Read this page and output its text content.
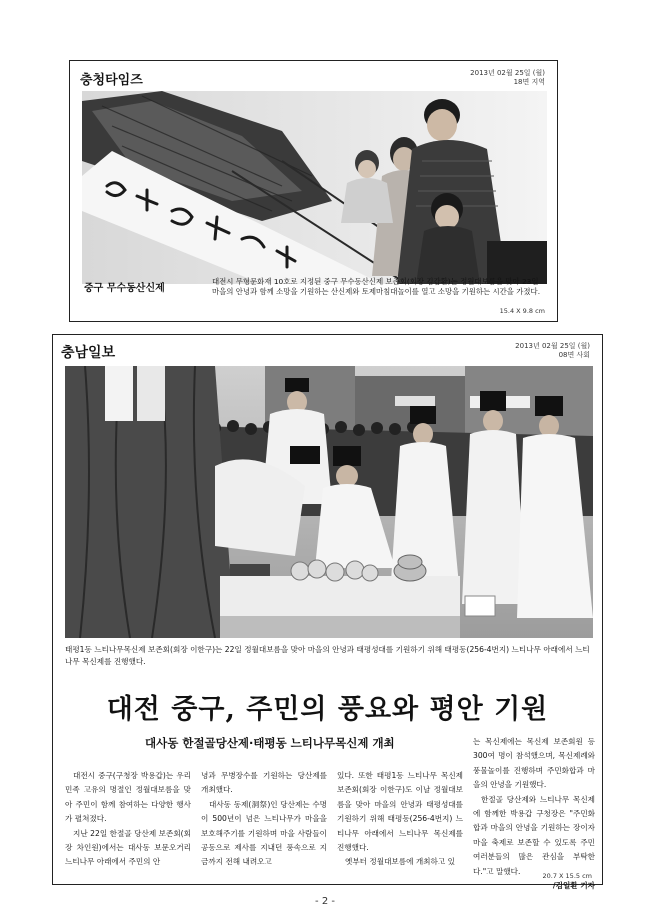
충청타임즈	2013년 02월 25일 (월)
18면 지역
중구 무수동산신제
대전시 무형문화재 10호로 지정된 중구 무수동산신제 보존회(회장 김갑환)는 정월대보름을 맞아 23일 마을의 안녕과 함께 소망을 기원하는 산신제와 토제마침대놀이를 열고 소망을 기원하는 시간을 가졌다.
15.4 X 9.8 cm
충남일보	2013년 02월 25일 (월)
08면 사회
태평1동 느티나무목신제 보존회(회장 이한구)는 22일 정월대보름을 맞아 마을의 안녕과 태평성대를 기원하기 위해 태평동(256-4번지) 느티나무 아래에서 느티나무 목신제를 진행했다.
대전 중구, 주민의 풍요와 평안 기원
대사동 한절골당산제·태평동 느티나무목신제 개최

대전시 중구(구청장 박용갑)는 우리 민족 고유의 명절인 정월대보름을 맞아 주민이 함께 참여하는 다양한 행사가 펼쳐졌다.

지난 22일 한절골 당산제 보존회(회장 차인원)에서는 대사동 보문오거리 느티나무 아래에서 주민의 안

녕과 무병장수를 기원하는 당산제를 개최했다.

대사동 동제(洞祭)인 당산제는 수명이 500년이 넘은 느티나무가 마을을 보호해주기를 기원하며 마을 사람들이 공동으로 제사를 지내던 풍속으로 지금까지 전해 내려오고

있다. 또한 태평1동 느티나무 목신제 보존회(회장 이한구)도 이날 정월대보름을 맞아 마을의 안녕과 태평성대를 기원하기 위해 태평동(256-4번지) 느티나무 아래에서 느티나무 목신제를 진행했다.

옛부터 정월대보름에 개최하고 있

는 목신제에는 목신제 보존회원 등 300여 명이 참석했으며, 목신제례와 풍물놀이를 진행하며 주민화합과 마을의 안녕을 기원했다.

한절골 당산제와 느티나무 목신제에 함께한 박용갑 구청장은 "주민화합과 마을의 안녕을 기원하는 장이자 마을 축제로 보존할 수 있도록 주민 여러분들의 많은 관심을 부탁한다."고 말했다.

/김일환 기자

20.7 X 15.5 cm
- 2 -
